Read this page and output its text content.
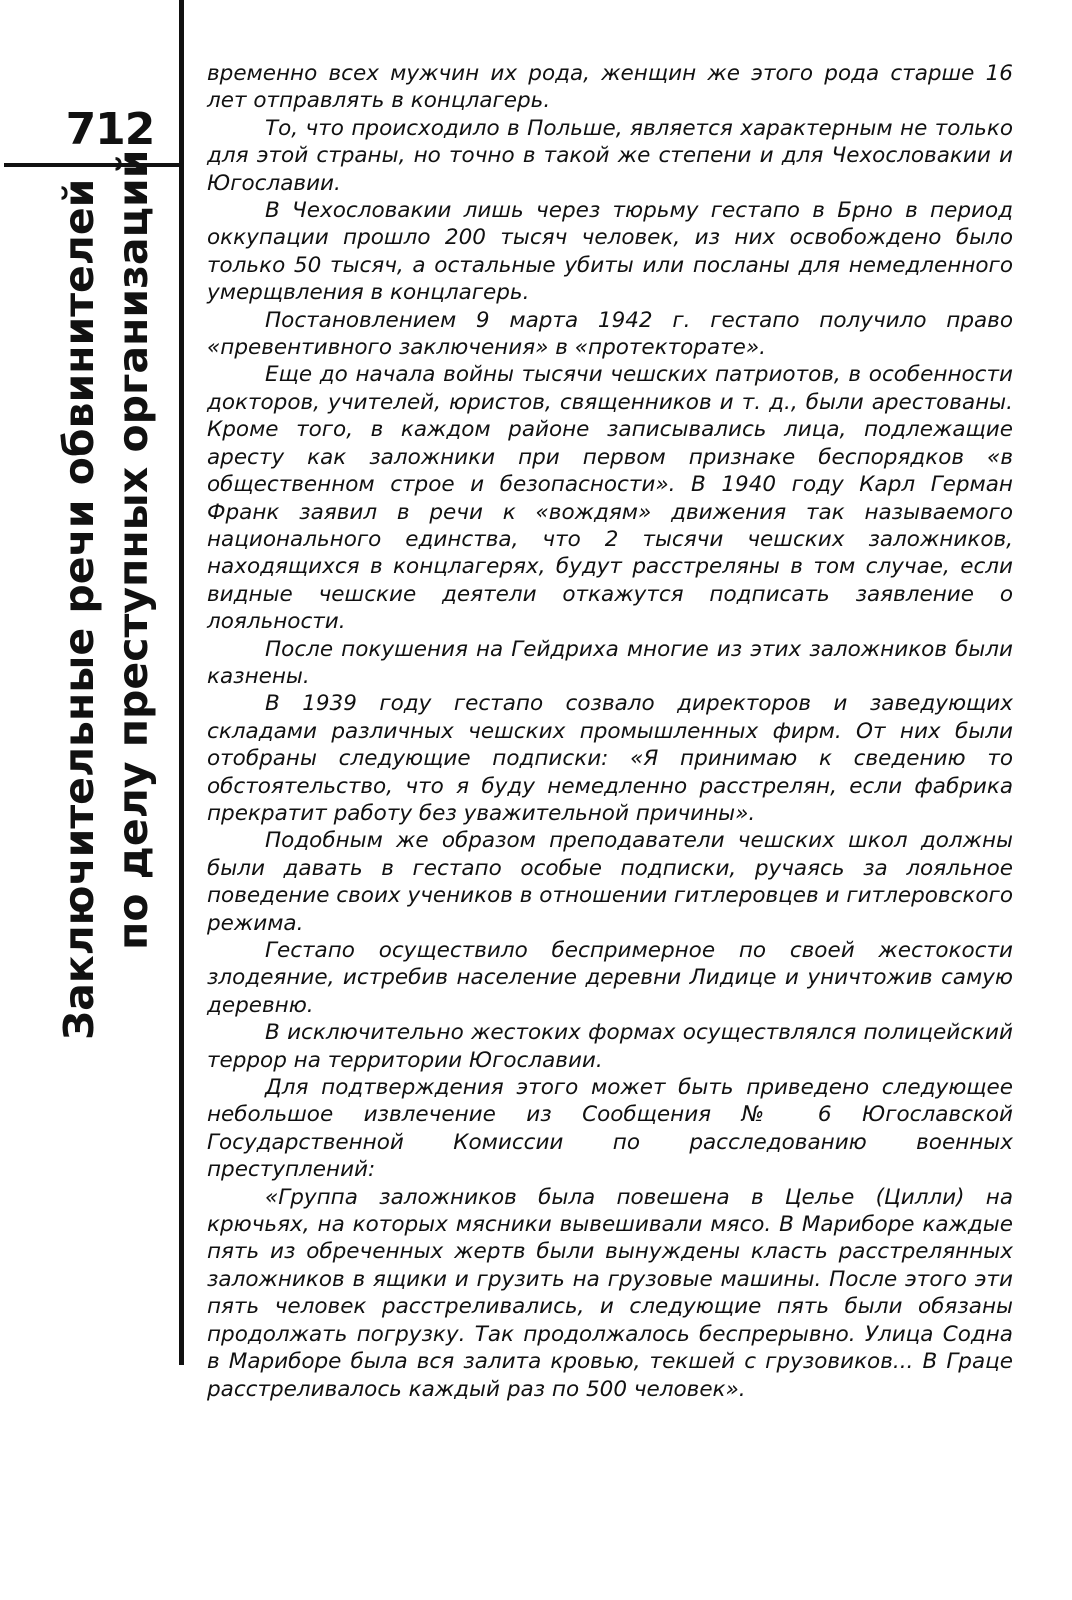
712
Заключительные речи обвинителей по делу преступных организаций

временно всех мужчин их рода, женщин же этого рода старше 16 лет отправлять в концлагерь.

То, что происходило в Польше, является характерным не только для этой страны, но точно в такой же степени и для Чехословакии и Югославии.

В Чехословакии лишь через тюрьму гестапо в Брно в период оккупации прошло 200 тысяч человек, из них освобождено было только 50 тысяч, а остальные убиты или посланы для немедленного умерщвления в концлагерь.

Постановлением 9 марта 1942 г. гестапо получило право «превентивного заключения» в «протекторате».

Еще до начала войны тысячи чешских патриотов, в особенности докторов, учителей, юристов, священников и т. д., были арестованы. Кроме того, в каждом районе записывались лица, подлежащие аресту как заложники при первом признаке беспорядков «в общественном строе и безопасности». В 1940 году Карл Герман Франк заявил в речи к «вождям» движения так называемого национального единства, что 2 тысячи чешских заложников, находящихся в концлагерях, будут расстреляны в том случае, если видные чешские деятели откажутся подписать заявление о лояльности.

После покушения на Гейдриха многие из этих заложников были казнены.

В 1939 году гестапо созвало директоров и заведующих складами различных чешских промышленных фирм. От них были отобраны следующие подписки: «Я принимаю к сведению то обстоятельство, что я буду немедленно расстрелян, если фабрика прекратит работу без уважительной причины».

Подобным же образом преподаватели чешских школ должны были давать в гестапо особые подписки, ручаясь за лояльное поведение своих учеников в отношении гитлеровцев и гитлеровского режима.

Гестапо осуществило беспримерное по своей жестокости злодеяние, истребив население деревни Лидице и уничтожив самую деревню.

В исключительно жестоких формах осуществлялся полицейский террор на территории Югославии.

Для подтверждения этого может быть приведено следующее небольшое извлечение из Сообщения № 6 Югославской Государственной Комиссии по расследованию военных преступлений:

«Группа заложников была повешена в Целье (Цилли) на крючьях, на которых мясники вывешивали мясо. В Мариборе каждые пять из обреченных жертв были вынуждены класть расстрелянных заложников в ящики и грузить на грузовые машины. После этого эти пять человек расстреливались, и следующие пять были обязаны продолжать погрузку. Так продолжалось беспрерывно. Улица Содна в Мариборе была вся залита кровью, текшей с грузовиков... В Граце расстреливалось каждый раз по 500 человек».
